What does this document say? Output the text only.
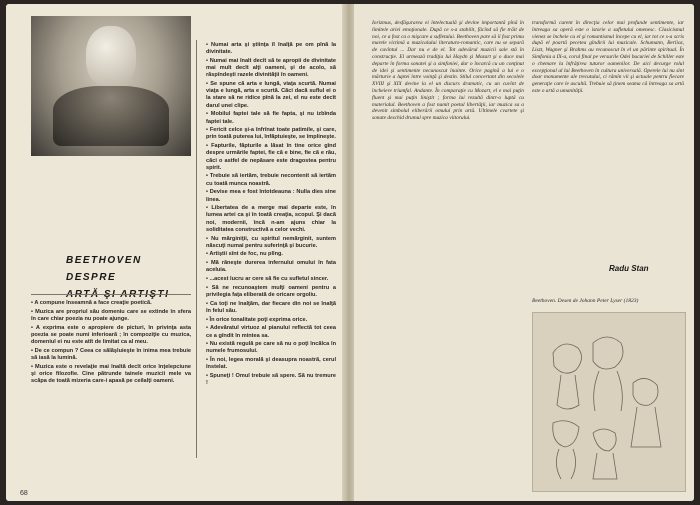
BEETHOVEN
DESPRE
• Numai arta şi ştiinţa îl înalţă pe om pînă la divinitate.
• Numai mai înalt decît să te apropii de divinitate mai mult decît alţi oameni, şi de acolo, să răspîndeşti razele divinităţii în oameni.
• Se spune că arta e lungă, viaţa scurtă. Numai viaţa e lungă, arta e scurtă. Căci dacă suflul ei o la stare să ne ridice pînă la zei, el nu este decît darul unei clipe.
• Mobilul faptei tale să fie fapta, şi nu izbînda faptei tale.
• Fericit celce şi-a înfrînat toate patimile, şi care, prin toată puterea lui, înfăptuieşte, se împlineşte.
• Fapturile, făpturile a lăsat în tine orice gînd despre urmările faptei, fie că e bine, fie că e rău, căci o astfel de nepăsare este dragostea pentru spirit.
• Trebuie să iertăm, trebuie necontenit să iertăm cu toată munca noastră.
• Devise mea e fost întotdeauna : Nulla dies sine linea.
• Libertatea de a merge mai departe este, în lumea artei ca şi în toată creaţia, scopul. Şi dacă noi, modernii, încă n-am ajuns chiar la soliditatea constructivă a celor vechi.
• Nu mărginiţii, cu spiritul nemărginit, suntem născuţi numai pentru suferinţă şi bucurie.
• Artiştii sînt de foc, nu plîng.
• Mă răneşte durerea infernului omului în fata aceluia.
• ...acest lucru ar cere să fie cu sufletul sincer.
• Să ne recunoaştem mulţi oameni pentru a privilegia faţa eliberată de oricare orgoliu.
• Ca toţi ne înalţăm, dar fiecare din noi se înalţă în felul său.
• În orice tonalitate poţi exprima orice.
• Adevăratul virtuoz al pianului reflectă tot ceea ce a gîndit în mintea sa.
• Nu există regulă pe care să nu o poţi încălca în numele frumosului.
• În noi, legea morală şi deasupra noastră, cerul înstelat.
• Spuneţi ! Omul trebuie să spere. Să nu tremure !
• A compune înseamnă a face creaţie poetică.
• Muzica are propriul său domeniu care se extinde în sfera în care chiar poezia nu poate ajunge.
• A exprima este o apropiere de picturi, în privinţa asta poezia se poate numi inferioară ; în compoziţie cu muzica, domeniul ei nu este atît de limitat ca al meu.
• De ce compun ? Ceea ce sălăşluieşte în inima mea trebuie să iasă la lumină.
• Muzica este o revelaţie mai înaltă decît orice înţelepciune şi orice filozofie. Cine pătrunde tainele muzicii mele va scăpa de toată mizeria care-i apasă pe ceilalţi oameni.
68
Iorizmus, desfăşurarea ei întelectuală şi devine importantă pînă în limitele ariei emoţionale. După ce s-a stabilit, făcînd să fie trăit de noi, ce a fost ca o mişcare a sufletului. Beethoven pare să îi fost primu marele victimă a muzicalului literaturo-romantic, care nu se separă de cuvîntul ... Dar nu e de el. Tot adevărul muzicii sale stă în construcţie. El urmează tradiţia lui Haydn şi Mozart şi o duce mai departe în forma sonatei şi a simfoniei, dar o încarcă cu un conţinut de idei şi sentimente necunoscut înainte. Orice pagină a lui e o mărturie a luptei între voinţă şi destin. Stilul concertant din secolele XVIII şi XIX devine la el un discurs dramatic, cu un cuvînt de încheiere triumfal. Andante. În comparaţie cu Mozart, el e mai puţin fluent şi mai puţin liniştit ; forma lui rezultă dintr-o luptă cu materialul. Beethoven a fost numit poetul libertăţii, iar muzica sa a devenit simbolul eliberării omului prin artă. Ultimele cvartete şi sonate deschid drumul spre muzica viitorului.
transformă curent în direcţia celor mai profunde sentimente, iar întreaga sa operă este o istorie a sufletului omenesc. Clasicismul vienez se încheie cu el şi romantismul începe cu el, iar tot ce s-a scris după el poartă pecetea gîndirii lui muzicale. Schumann, Berlioz, Liszt, Wagner şi Brahms au recunoscut în el un părinte spiritual. În Simfonia a IX-a, corul final pe versurile Odei bucuriei de Schiller este o chemare la înfrăţirea tuturor oamenilor. De aici decurge rolul excepţional al lui Beethoven în cultura universală. Operele lui nu sînt doar monumente ale trecutului, ci rămîn vii şi actuale pentru fiecare generaţie care le ascultă. Trebuie să ţinem seama că întreaga sa artă este o artă a umanităţii.
Radu Stan
Beethoven. Desen de Johann Peter Lyser (1823)
